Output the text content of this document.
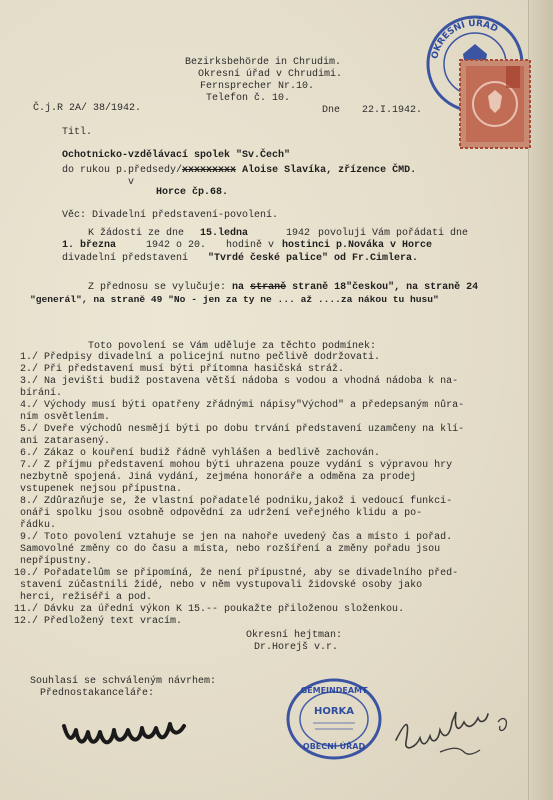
Bezirksbehörde in Chrudim.
Okresní úřad v Chrudimi.
Fernsprecher Nr.10.
Telefon č. 10.
Č.j.R 2A/ 38/1942.	Dne 22.I.1942.
Titl.
Ochotnicko-vzdělávací spolek "Sv.Čech"
do rukou p.předsedy/xxxxxxxxx Aloise Slavíka, zřízence ČMD.
v
Horce čp.68.
Věc: Divadelní představení-povolení.
K žádosti ze dne 15.ledna	1942 povoluji Vám pořádati dne
1. března	1942 o 20. hodině v hostinci p.Nováka v Horce
divadelní představení "Tvrdé české palice" od Fr.Cimlera.
Z přednosu se vylučuje: na straně straně 18"českou", na straně 24
"generál", na straně 49 "No - jen za ty ne ... až ....za nákou tu husu"
Toto povolení se Vám uděluje za těchto podmínek:
1./ Předpisy divadelní a policejní nutno pečlivě dodržovati.
2./ Při představení musí býti přítomna hasičská stráž.
3./ Na jevišti budiž postavena větší nádoba s vodou a vhodná nádoba k na-
bírání.
4./ Východy musí býti opatřeny zřádnými nápisy"Východ" a předepsaným nůra-
ním osvětlením.
5./ Dveře východů nesmějí býti po dobu trvání představení uzamčeny na klí-
ani zatarasený.
6./ Zákaz o kouření budiž řádně vyhlášen a bedlivě zachován.
7./ Z příjmu představení mohou býti uhrazena pouze vydání s výpravou hry
nezbytně spojená. Jiná vydání, zejména honoráře a odměna za prodej
vstupenek nejsou přípustna.
8./ Zdůrazňuje se, že vlastní pořadatelé podniku,jakož i vedoucí funkci-
onáři spolku jsou osobně odpovědní za udržení veřejného klidu a po-
řádku.
9./ Toto povolení vztahuje se jen na nahoře uvedený čas a místo i pořad.
Samovolné změny co do času a místa, nebo rozšíření a změny pořadu jsou
nepřípustny.
10./ Pořadatelům se připomíná, že není přípustné, aby se divadelního před-
stavení zúčastnili židé, nebo v něm vystupovali židovské osoby jako
herci, režiséři a pod.
11./ Dávku za úřední výkon K 15.-- poukažte přiloženou složenkou.
12./ Předložený text vracím.
Okresní hejtman:
Dr.Horejš v.r.
Souhlasí se schváleným návrhem:
Přednostakanceláře:
OKRESNÍ ÚŘAD
GEMEINDEAMT
HORKA
OBECNÍ ÚŘAD
